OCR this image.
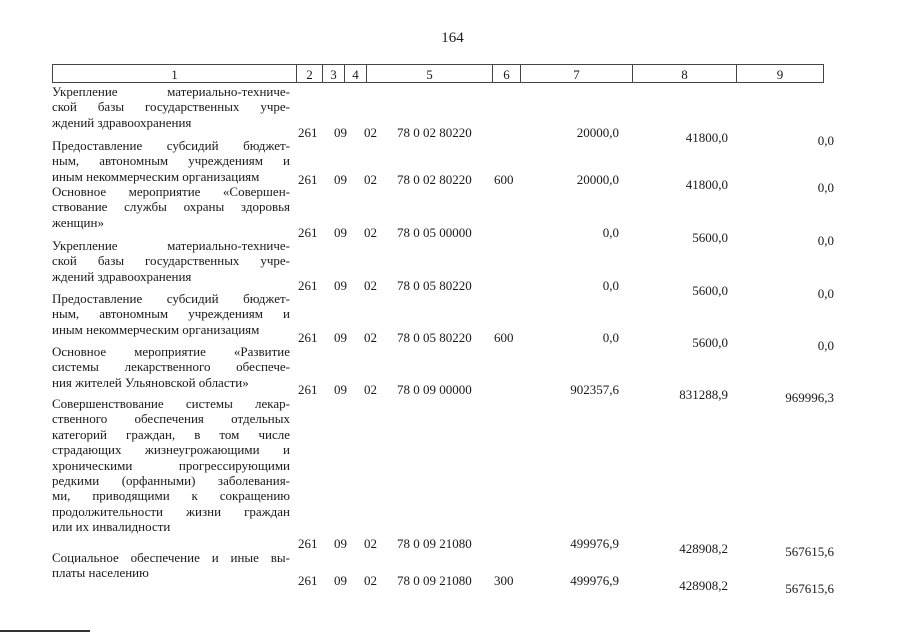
164
1	2	3	4	5	6	7	8	9
Укрепление материально-техниче-
ской базы государственных учре-
ждений здравоохранения
261 09 02 78 0 02 80220	20000,0	41800,0	0,0
Предоставление субсидий бюджет-
ным, автономным учреждениям и
иным некоммерческим организациям	261 09 02 78 0 02 80220 600	20000,0	41800,0	0,0
Основное мероприятие «Совершен-
ствование службы охраны здоровья
женщин»
261 09 02 78 0 05 00000	0,0	5600,0	0,0
Укрепление материально-техниче-
ской базы государственных учре-
ждений здравоохранения
261 09 02 78 0 05 80220	0,0	5600,0	0,0
Предоставление субсидий бюджет-
ным, автономным учреждениям и
иным некоммерческим организациям
261 09 02 78 0 05 80220 600	0,0	5600,0	0,0
Основное мероприятие «Развитие
системы лекарственного обеспече-
ния жителей Ульяновской области»	261 09 02 78 0 09 00000	902357,6	831288,9	969996,3
Совершенствование системы лекар-
ственного обеспечения отдельных
категорий граждан, в том числе
страдающих жизнеугрожающими и
хроническими прогрессирующими
редкими (орфанными) заболевания-
ми, приводящими к сокращению
продолжительности жизни граждан
или их инвалидности
261 09 02 78 0 09 21080	499976,9	428908,2	567615,6
Социальное обеспечение и иные вы-
платы населению
261 09 02 78 0 09 21080 300	499976,9	428908,2	567615,6
